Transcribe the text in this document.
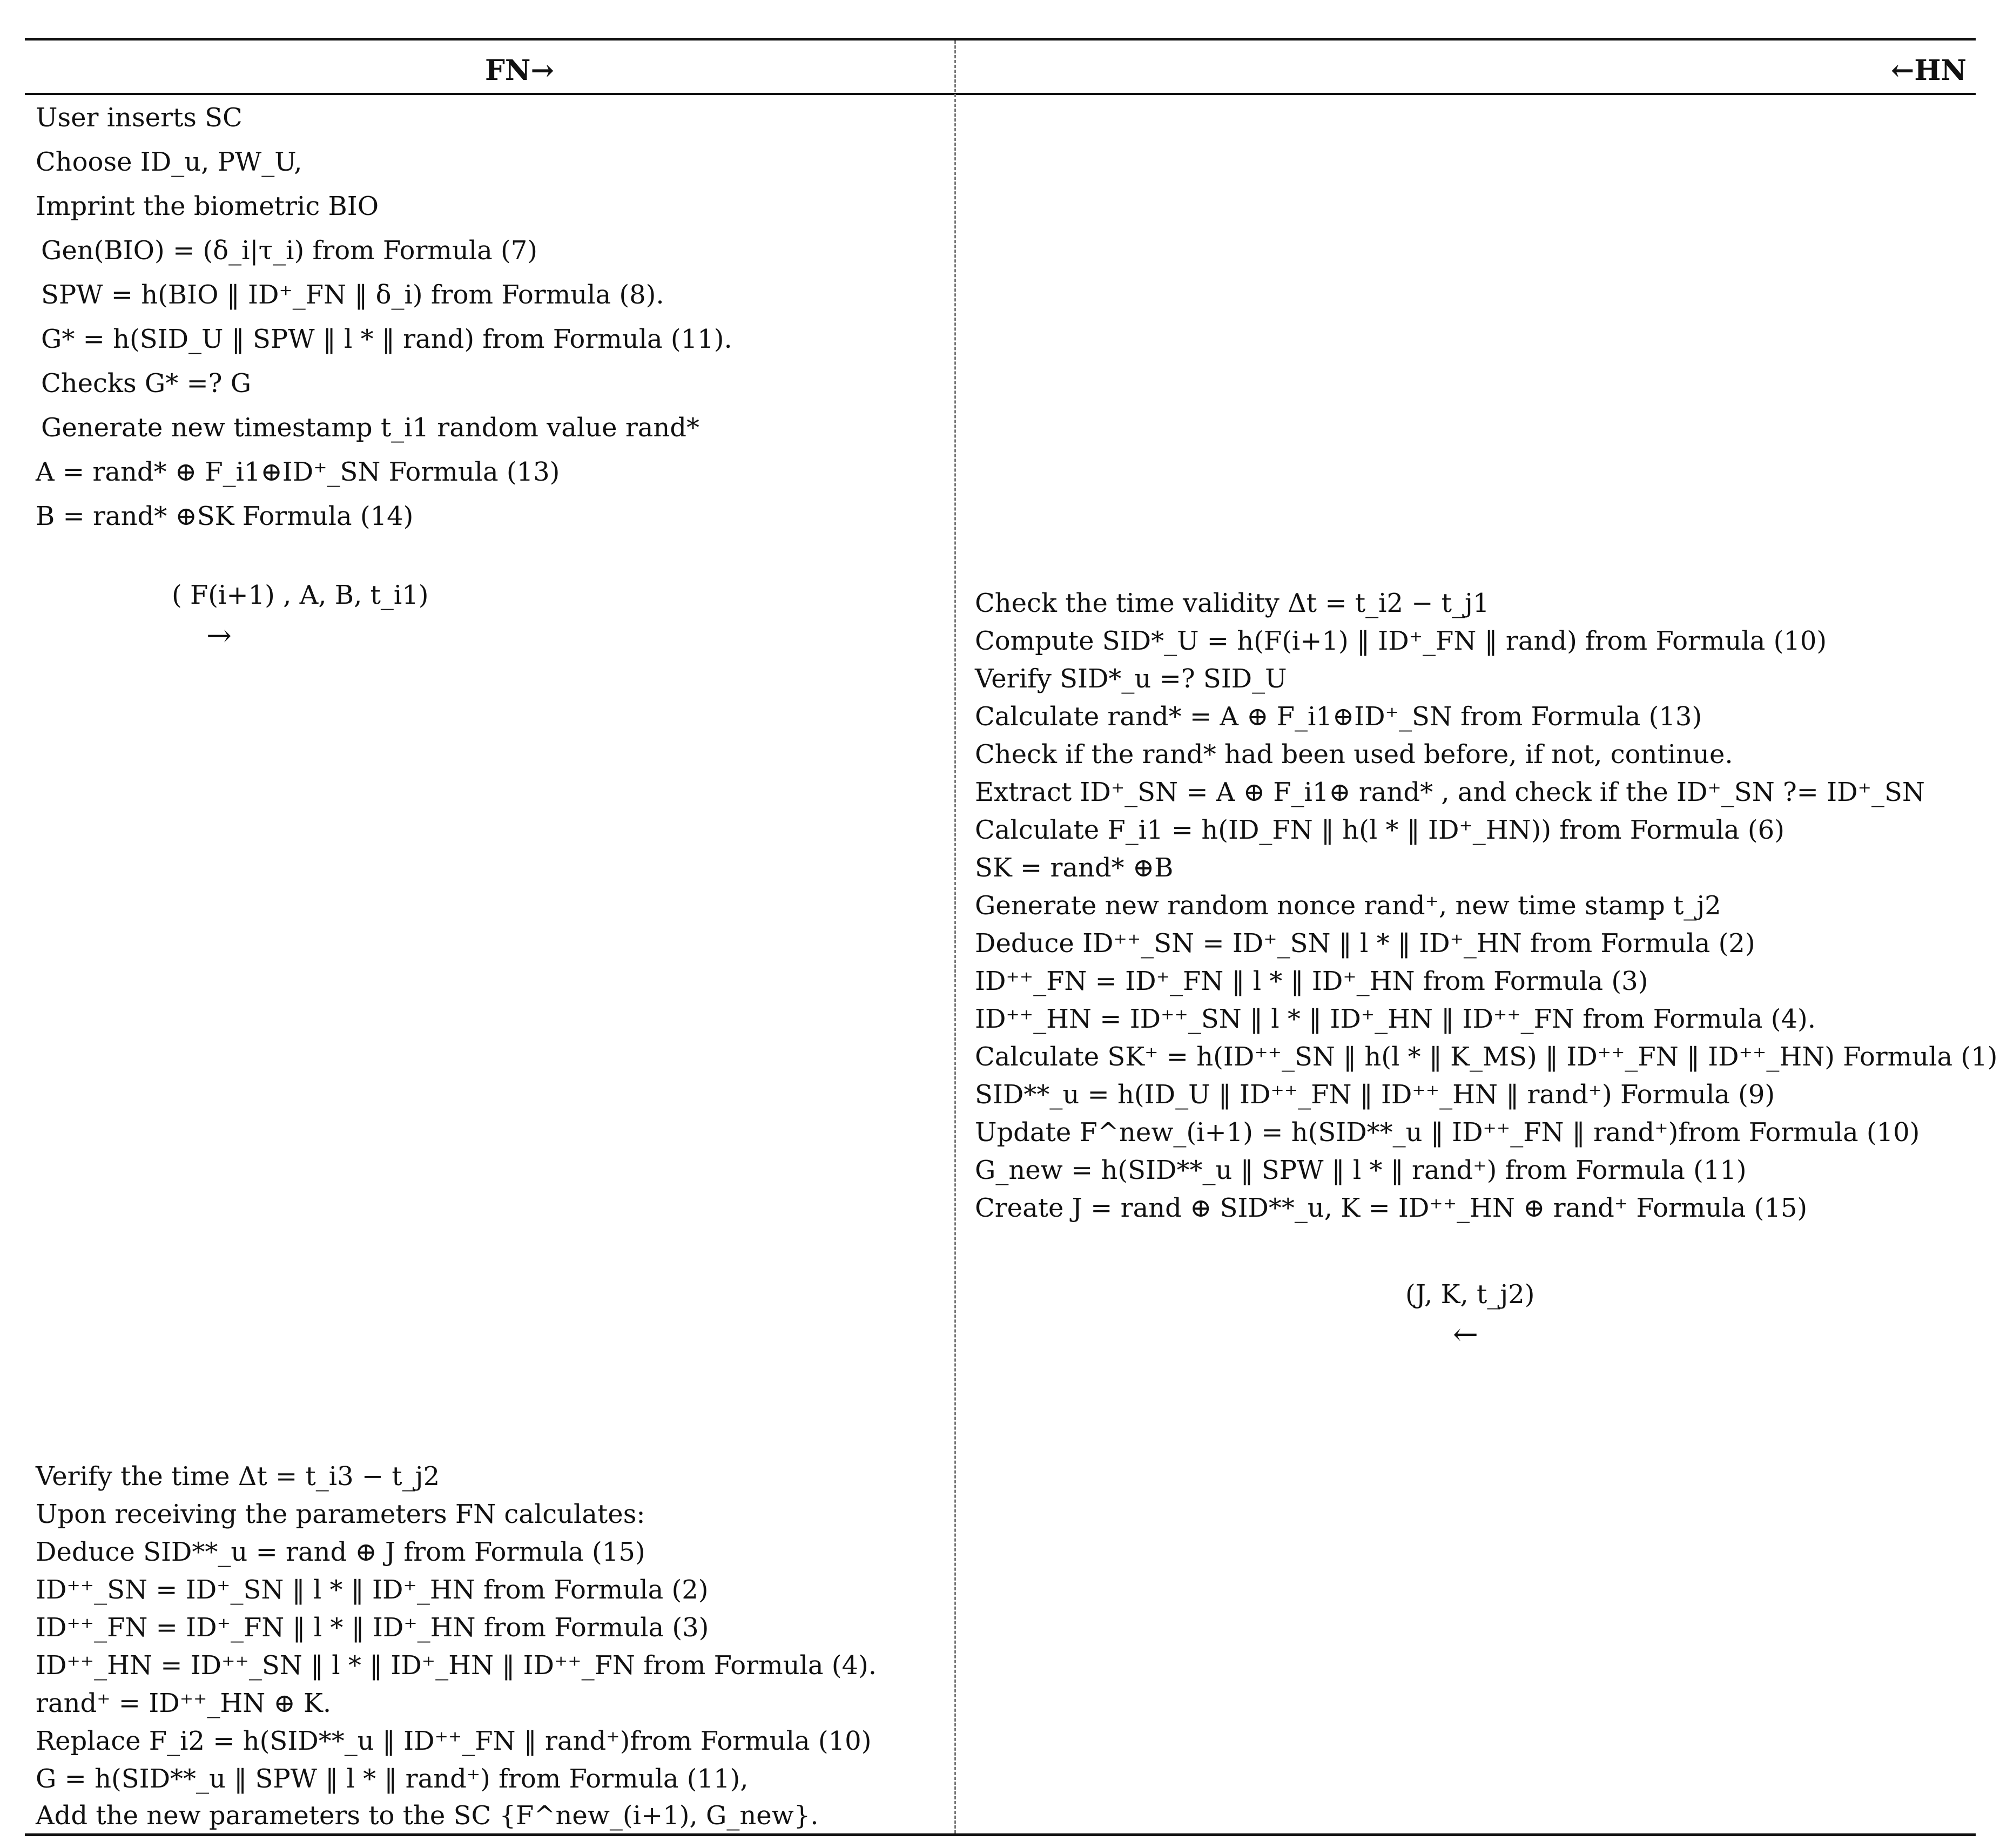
FN→	←HN
User inserts SC
Choose ID_u, PW_U,
Imprint the biometric BIO
Gen(BIO) = (δ_i|τ_i) from Formula (7)
SPW = h(BIO ‖ ID⁺_FN ‖ δ_i) from Formula (8).
G* = h(SID_U ‖ SPW ‖ l * ‖ rand) from Formula (11).
Checks G* =? G
Generate new timestamp t_i1 random value rand*
A = rand* ⊕ F_i1⊕ID⁺_SN Formula (13)
B = rand* ⊕SK Formula (14)
( F(i+1) , A, B, t_i1)
→
Check the time validity Δt = t_i2 − t_j1
Compute SID*_U = h(F(i+1) ‖ ID⁺_FN ‖ rand) from Formula (10)
Verify SID*_u =? SID_U
Calculate rand* = A ⊕ F_i1⊕ID⁺_SN from Formula (13)
Check if the rand* had been used before, if not, continue.
Extract ID⁺_SN = A ⊕ F_i1⊕ rand* , and check if the ID⁺_SN ?= ID⁺_SN
Calculate F_i1 = h(ID_FN ‖ h(l * ‖ ID⁺_HN)) from Formula (6)
SK = rand* ⊕B
Generate new random nonce rand⁺, new time stamp t_j2
Deduce ID⁺⁺_SN = ID⁺_SN ‖ l * ‖ ID⁺_HN from Formula (2)
ID⁺⁺_FN = ID⁺_FN ‖ l * ‖ ID⁺_HN from Formula (3)
ID⁺⁺_HN = ID⁺⁺_SN ‖ l * ‖ ID⁺_HN ‖ ID⁺⁺_FN from Formula (4).
Calculate SK⁺ = h(ID⁺⁺_SN ‖ h(l * ‖ K_MS) ‖ ID⁺⁺_FN ‖ ID⁺⁺_HN) Formula (1)
SID**_u = h(ID_U ‖ ID⁺⁺_FN ‖ ID⁺⁺_HN ‖ rand⁺) Formula (9)
Update F^new_(i+1) = h(SID**_u ‖ ID⁺⁺_FN ‖ rand⁺)from Formula (10)
G_new = h(SID**_u ‖ SPW ‖ l * ‖ rand⁺) from Formula (11)
Create J = rand ⊕ SID**_u, K = ID⁺⁺_HN ⊕ rand⁺ Formula (15)
(J, K, t_j2)
←
Verify the time Δt = t_i3 − t_j2
Upon receiving the parameters FN calculates:
Deduce SID**_u = rand ⊕ J from Formula (15)
ID⁺⁺_SN = ID⁺_SN ‖ l * ‖ ID⁺_HN from Formula (2)
ID⁺⁺_FN = ID⁺_FN ‖ l * ‖ ID⁺_HN from Formula (3)
ID⁺⁺_HN = ID⁺⁺_SN ‖ l * ‖ ID⁺_HN ‖ ID⁺⁺_FN from Formula (4).
rand⁺ = ID⁺⁺_HN ⊕ K.
Replace F_i2 = h(SID**_u ‖ ID⁺⁺_FN ‖ rand⁺)from Formula (10)
G = h(SID**_u ‖ SPW ‖ l * ‖ rand⁺) from Formula (11),
Add the new parameters to the SC {F^new_(i+1), G_new}.
